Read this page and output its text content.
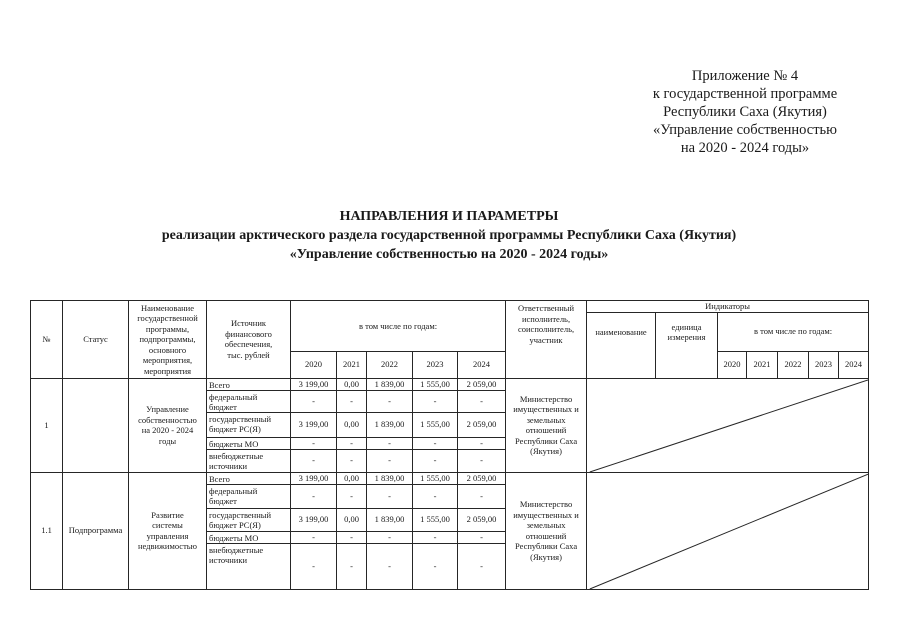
Приложение № 4
к государственной программе
Республики Саха (Якутия)
«Управление собственностью
на 2020 - 2024 годы»
НАПРАВЛЕНИЯ И ПАРАМЕТРЫ
реализации арктического раздела государственной программы Республики Саха (Якутия)
«Управление собственностью на 2020 - 2024 годы»
№	Статус	Наименование государственной программы, подпрограммы, основного мероприятия, мероприятия	Источник финансового обеспечения, тыс. рублей	в том числе по годам:					Ответственный исполнитель, соисполнитель, участник	Индикаторы						
										наименование	единица измерения	в том числе по годам:				
				2020	2021	2022	2023	2024				2020	2021	2022	2023	2024
1		Управление собственностью на 2020 - 2024 годы	Всего	3 199,00	0,00	1 839,00	1 555,00	2 059,00	Министерство имущественных и земельных отношений Республики Саха (Якутия)	

			федеральный бюджет	-	-	-	-	-								
			государственный бюджет РС(Я)	3 199,00	0,00	1 839,00	1 555,00	2 059,00								
			бюджеты МО	-	-	-	-	-								
			внебюджетные источники	-	-	-	-	-								
1.1	Подпрограмма	Развитие системы управления недвижимостью	Всего	3 199,00	0,00	1 839,00	1 555,00	2 059,00	Министерство имущественных и земельных отношений Республики Саха (Якутия)	

			федеральный бюджет	-	-	-	-	-								
			государственный бюджет РС(Я)	3 199,00	0,00	1 839,00	1 555,00	2 059,00								
			бюджеты МО	-	-	-	-	-								
			внебюджетные источники	-	-	-	-	-								
